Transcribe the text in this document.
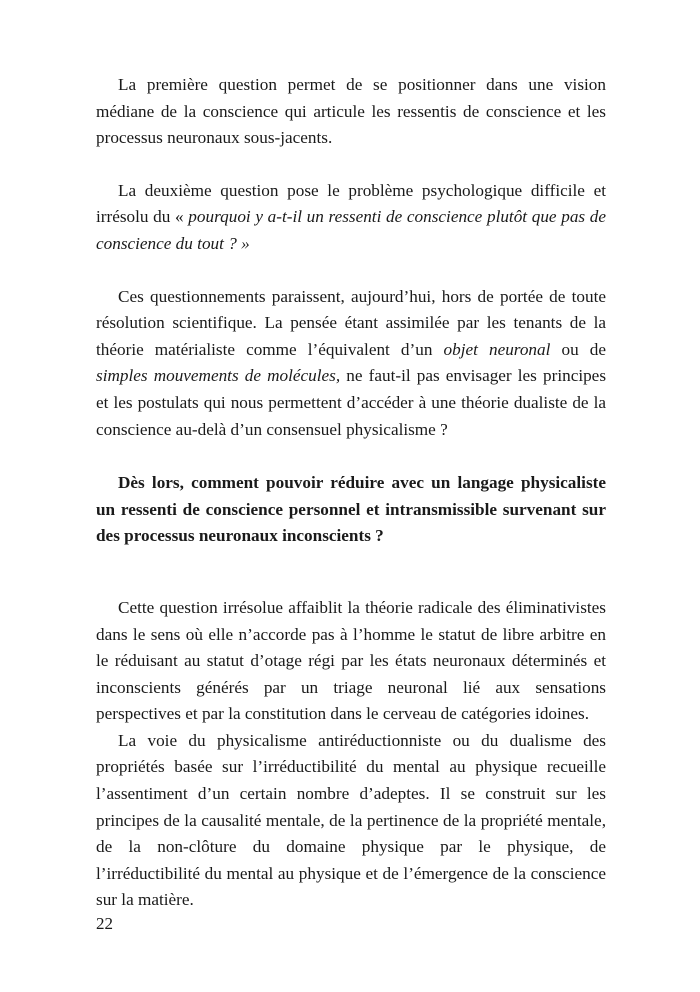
La première question permet de se positionner dans une vision médiane de la conscience qui articule les ressentis de conscience et les processus neuronaux sous-jacents.

La deuxième question pose le problème psychologique difficile et irrésolu du « pourquoi y a-t-il un ressenti de conscience plutôt que pas de conscience du tout ? »

Ces questionnements paraissent, aujourd’hui, hors de portée de toute résolution scientifique. La pensée étant assimilée par les tenants de la théorie matérialiste comme l’équivalent d’un objet neuronal ou de simples mouvements de molécules, ne faut-il pas envisager les principes et les postulats qui nous permettent d’accéder à une théorie dualiste de la conscience au-delà d’un consensuel physicalisme ?

Dès lors, comment pouvoir réduire avec un langage physicaliste un ressenti de conscience personnel et intransmissible survenant sur des processus neuronaux inconscients ?

Cette question irrésolue affaiblit la théorie radicale des éliminativistes dans le sens où elle n’accorde pas à l’homme le statut de libre arbitre en le réduisant au statut d’otage régi par les états neuronaux déterminés et inconscients générés par un triage neuronal lié aux sensations perspectives et par la constitution dans le cerveau de catégories idoines.

La voie du physicalisme antiréductionniste ou du dualisme des propriétés basée sur l’irréductibilité du mental au physique recueille l’assentiment d’un certain nombre d’adeptes. Il se construit sur les principes de la causalité mentale, de la pertinence de la propriété mentale, de la non-clôture du domaine physique par le physique, de l’irréductibilité du mental au physique et de l’émergence de la conscience sur la matière.

22
